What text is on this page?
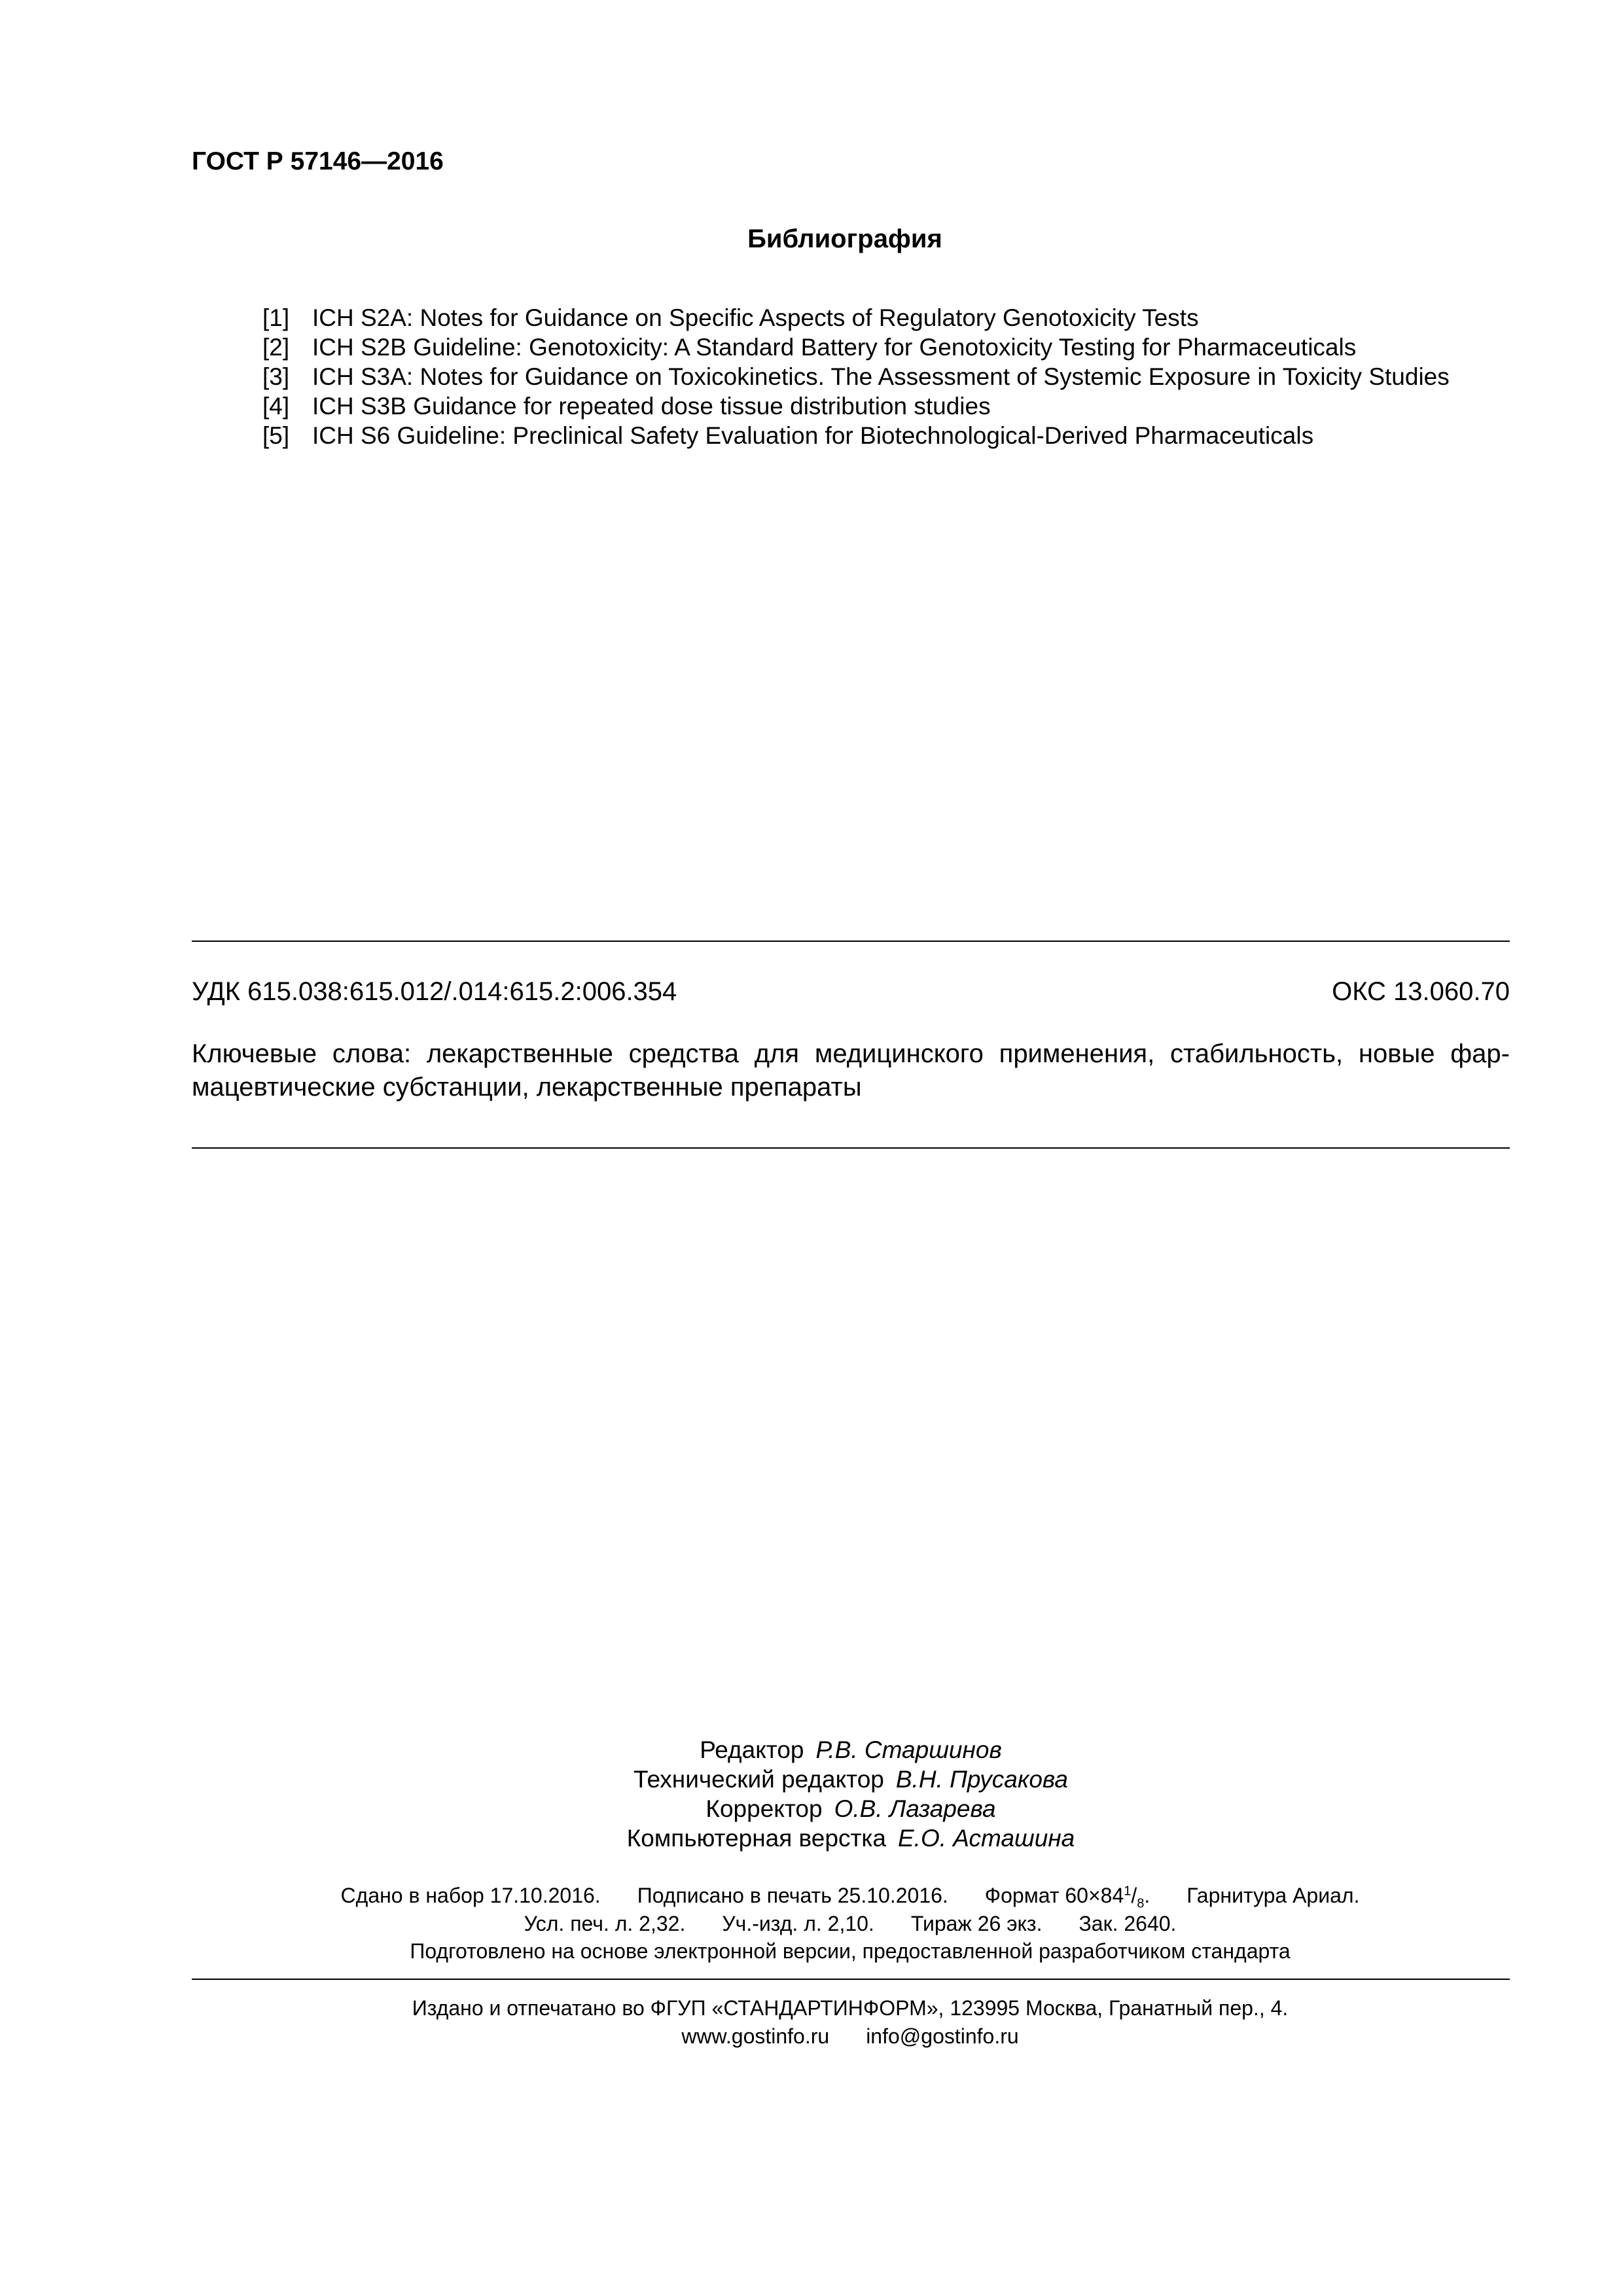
ГОСТ Р 57146—2016
Библиография
[1] ICH S2A: Notes for Guidance on Specific Aspects of Regulatory Genotoxicity Tests
[2] ICH S2B Guideline: Genotoxicity: A Standard Battery for Genotoxicity Testing for Pharmaceuticals
[3] ICH S3A: Notes for Guidance on Toxicokinetics. The Assessment of Systemic Exposure in Toxicity Studies
[4] ICH S3B Guidance for repeated dose tissue distribution studies
[5] ICH S6 Guideline: Preclinical Safety Evaluation for Biotechnological-Derived Pharmaceuticals
УДК 615.038:615.012/.014:615.2:006.354	ОКС 13.060.70
Ключевые слова: лекарственные средства для медицинского применения, стабильность, новые фар-
мацевтические субстанции, лекарственные препараты
Редактор Р.В. Старшинов
Технический редактор В.Н. Прусакова
Корректор О.В. Лазарева
Компьютерная верстка Е.О. Асташина
Сдано в набор 17.10.2016. Подписано в печать 25.10.2016. Формат $60\times 84^1/_8$. Гарнитура Ариал.
Усл. печ. л. 2,32. Уч.-изд. л. 2,10. Тираж 26 экз. Зак. 2640.
Подготовлено на основе электронной версии, предоставленной разработчиком стандарта
Издано и отпечатано во ФГУП «СТАНДАРТИНФОРМ», 123995 Москва, Гранатный пер., 4.
www.gostinfo.ru info@gostinfo.ru
